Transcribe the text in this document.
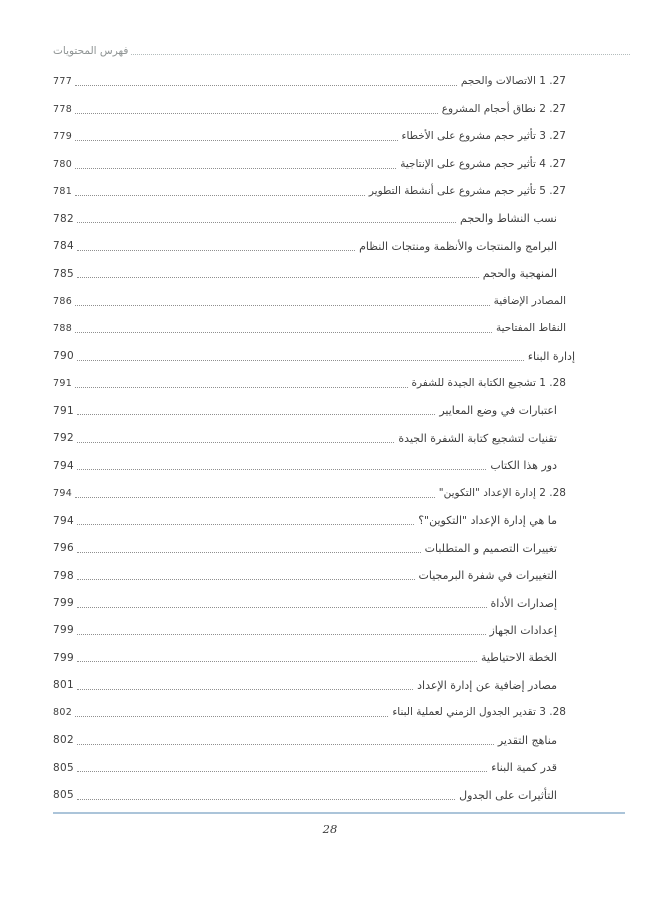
فهرس المحتويات
777	27. 1 الاتصالات والحجم
778	27. 2 نطاق أحجام المشروع
779	27. 3 تأثير حجم مشروع على الأخطاء
780	27. 4 تأثير حجم مشروع على الإنتاجية
781	27. 5 تأثير حجم مشروع على أنشطة التطوير
782	نسب النشاط والحجم
784	البرامج والمنتجات والأنظمة ومنتجات النظام
785	المنهجية والحجم
786	المصادر الإضافية
788	النقاط المفتاحية
790	إدارة البناء
791	28. 1 تشجيع الكتابة الجيدة للشفرة
791	اعتبارات في وضع المعايير
792	تقنيات لتشجيع كتابة الشفرة الجيدة
794	دور هذا الكتاب
794	28. 2 إدارة الإعداد "التكوين"
794	ما هي إدارة الإعداد "التكوين"؟
796	تغييرات التصميم و المتطلبات
798	التغييرات في شفرة البرمجيات
799	إصدارات الأداة
799	إعدادات الجهاز
799	الخطة الاحتياطية
801	مصادر إضافية عن إدارة الإعداد
802	28. 3 تقدير الجدول الزمني لعملية البناء
802	مناهج التقدير
805	قدر كمية البناء
805	التأثيرات على الجدول
28
